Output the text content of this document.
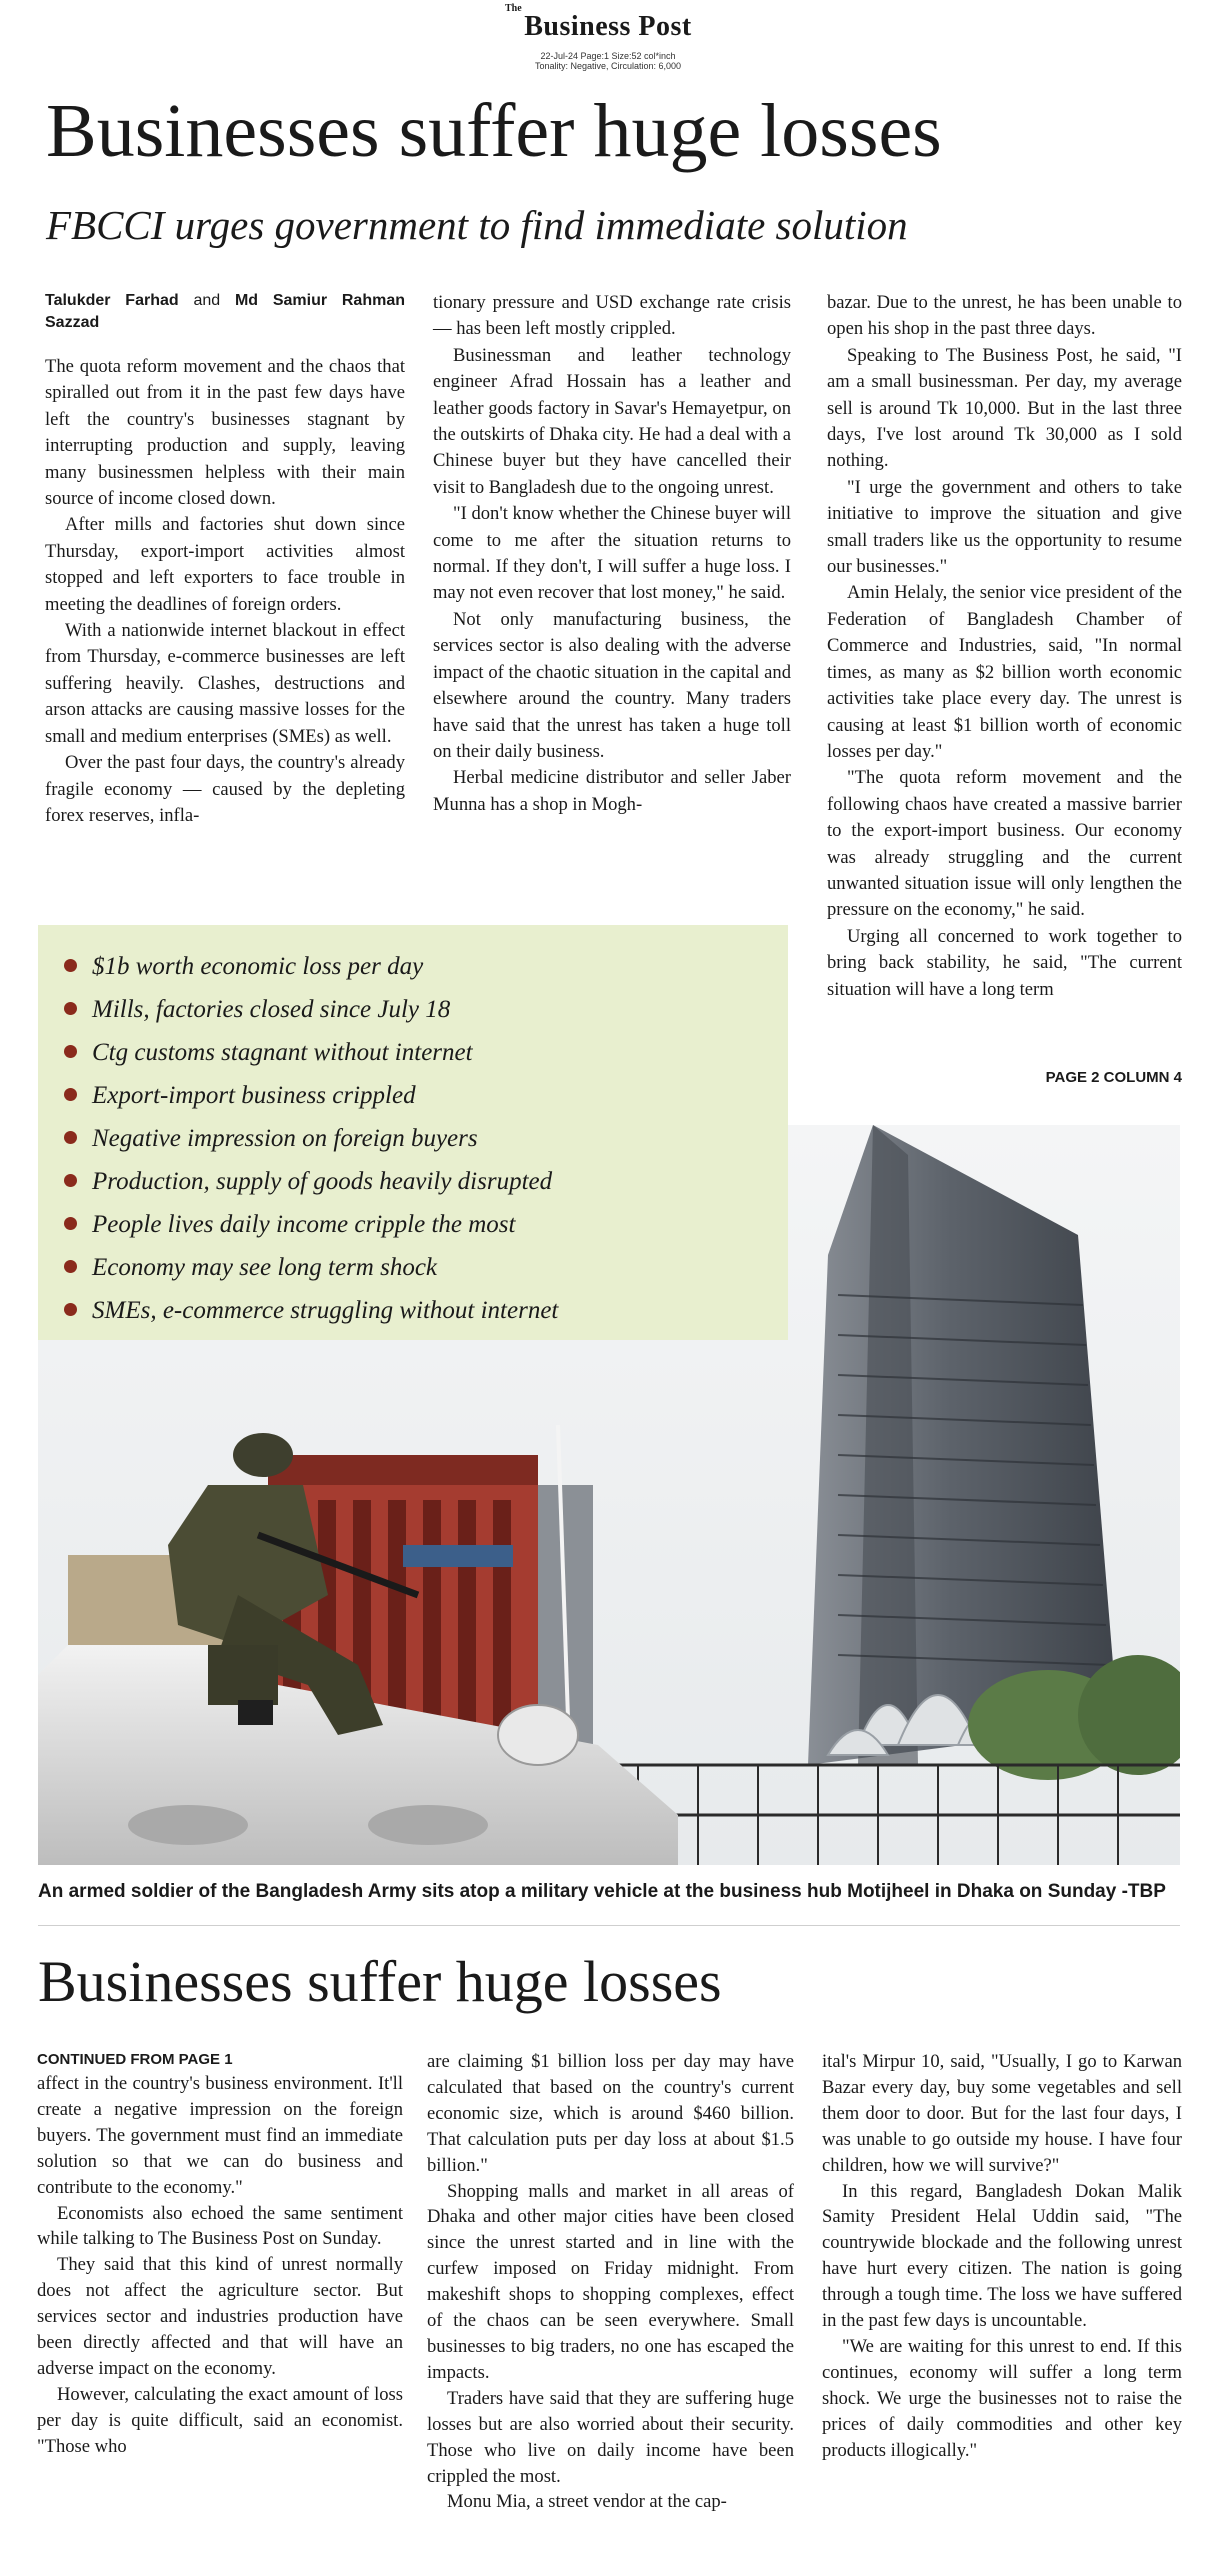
The
Business Post
22-Jul-24 Page:1 Size:52 col*inch
Tonality: Negative, Circulation: 6,000
Businesses suffer huge losses
FBCCI urges government to find immediate solution
Talukder Farhad and Md Samiur Rahman Sazzad

The quota reform movement and the chaos that spiralled out from it in the past few days have left the country's businesses stagnant by interrupting production and supply, leaving many businessmen helpless with their main source of income closed down.

After mills and factories shut down since Thursday, export-import activities almost stopped and left exporters to face trouble in meeting the deadlines of foreign orders.

With a nationwide internet blackout in effect from Thursday, e-commerce businesses are left suffering heavily. Clashes, destructions and arson attacks are causing massive losses for the small and medium enterprises (SMEs) as well.

Over the past four days, the country's already fragile economy — caused by the depleting forex reserves, infla-

tionary pressure and USD exchange rate crisis — has been left mostly crippled.

Businessman and leather technology engineer Afrad Hossain has a leather and leather goods factory in Savar's Hemayetpur, on the outskirts of Dhaka city. He had a deal with a Chinese buyer but they have cancelled their visit to Bangladesh due to the ongoing unrest.

"I don't know whether the Chinese buyer will come to me after the situation returns to normal. If they don't, I will suffer a huge loss. I may not even recover that lost money," he said.

Not only manufacturing business, the services sector is also dealing with the adverse impact of the chaotic situation in the capital and elsewhere around the country. Many traders have said that the unrest has taken a huge toll on their daily business.

Herbal medicine distributor and seller Jaber Munna has a shop in Mogh-

bazar. Due to the unrest, he has been unable to open his shop in the past three days.

Speaking to The Business Post, he said, "I am a small businessman. Per day, my average sell is around Tk 10,000. But in the last three days, I've lost around Tk 30,000 as I sold nothing.

"I urge the government and others to take initiative to improve the situation and give small traders like us the opportunity to resume our businesses."

Amin Helaly, the senior vice president of the Federation of Bangladesh Chamber of Commerce and Industries, said, "In normal times, as many as $2 billion worth economic activities take place every day. The unrest is causing at least $1 billion worth of economic losses per day."

"The quota reform movement and the following chaos have created a massive barrier to the export-import business. Our economy was already struggling and the current unwanted situation issue will only lengthen the pressure on the economy," he said.

Urging all concerned to work together to bring back stability, he said, "The current situation will have a long term

PAGE 2 COLUMN 4
An armed soldier of the Bangladesh Army sits atop a military vehicle at the business hub Motijheel in Dhaka on Sunday -TBP
$1b worth economic loss per day
Mills, factories closed since July 18
Ctg customs stagnant without internet
Export-import business crippled
Negative impression on foreign buyers
Production, supply of goods heavily disrupted
People lives daily income cripple the most
Economy may see long term shock
SMEs, e-commerce struggling without internet
Businesses suffer huge losses
CONTINUED FROM PAGE 1

affect in the country's business environment. It'll create a negative impression on the foreign buyers. The government must find an immediate solution so that we can do business and contribute to the economy."

Economists also echoed the same sentiment while talking to The Business Post on Sunday.

They said that this kind of unrest normally does not affect the agriculture sector. But services sector and industries production have been directly affected and that will have an adverse impact on the economy.

However, calculating the exact amount of loss per day is quite difficult, said an economist. "Those who

are claiming $1 billion loss per day may have calculated that based on the country's current economic size, which is around $460 billion. That calculation puts per day loss at about $1.5 billion."

Shopping malls and market in all areas of Dhaka and other major cities have been closed since the unrest started and in line with the curfew imposed on Friday midnight. From makeshift shops to shopping complexes, effect of the chaos can be seen everywhere. Small businesses to big traders, no one has escaped the impacts.

Traders have said that they are suffering huge losses but are also worried about their security. Those who live on daily income have been crippled the most.

Monu Mia, a street vendor at the cap-

ital's Mirpur 10, said, "Usually, I go to Karwan Bazar every day, buy some vegetables and sell them door to door. But for the last four days, I was unable to go outside my house. I have four children, how we will survive?"

In this regard, Bangladesh Dokan Malik Samity President Helal Uddin said, "The countrywide blockade and the following unrest have hurt every citizen. The nation is going through a tough time. The loss we have suffered in the past few days is uncountable.

"We are waiting for this unrest to end. If this continues, economy will suffer a long term shock. We urge the businesses not to raise the prices of daily commodities and other key products illogically."
